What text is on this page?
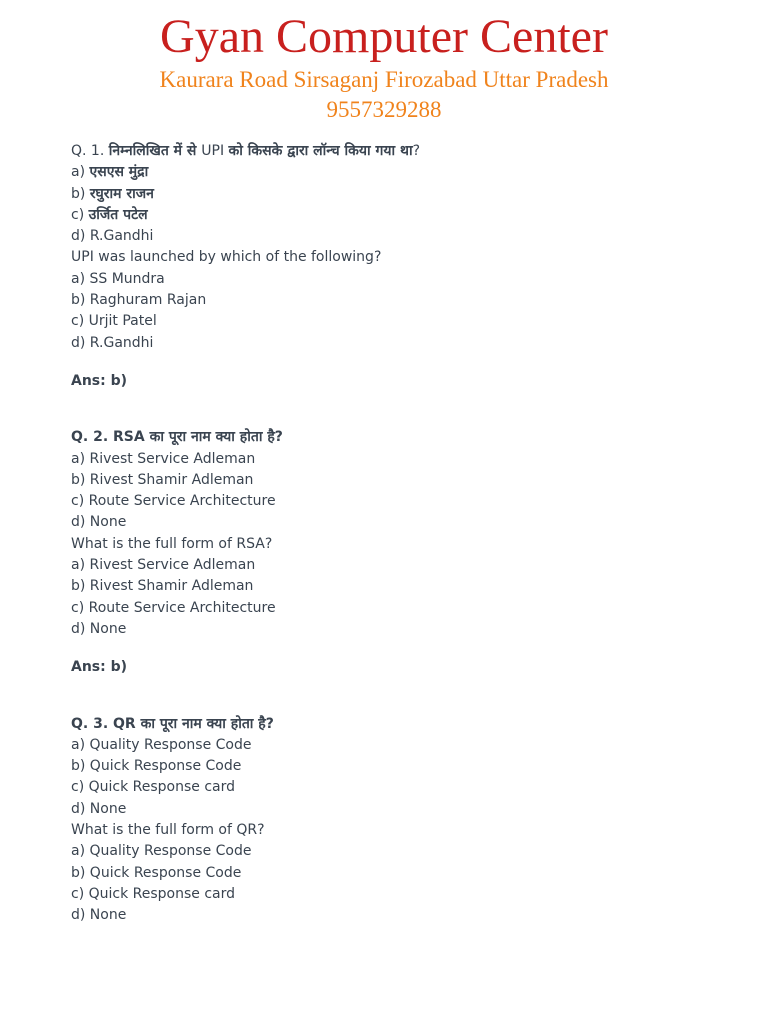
Gyan Computer Center
Kaurara Road Sirsaganj Firozabad Uttar Pradesh
9557329288
Q. 1. निम्नलिखित में से UPI को किसके द्वारा लॉन्च किया गया था?
a) एसएस मुंद्रा
b) रघुराम राजन
c) उर्जित पटेल
d) R.Gandhi
UPI was launched by which of the following?
a) SS Mundra
b) Raghuram Rajan
c) Urjit Patel
d) R.Gandhi
Ans: b)
Q. 2. RSA का पूरा नाम क्या होता है?
a) Rivest Service Adleman
b) Rivest Shamir Adleman
c) Route Service Architecture
d) None
What is the full form of RSA?
a) Rivest Service Adleman
b) Rivest Shamir Adleman
c) Route Service Architecture
d) None
Ans: b)
Q. 3. QR का पूरा नाम क्या होता है?
a) Quality Response Code
b) Quick Response Code
c) Quick Response card
d) None
What is the full form of QR?
a) Quality Response Code
b) Quick Response Code
c) Quick Response card
d) None
